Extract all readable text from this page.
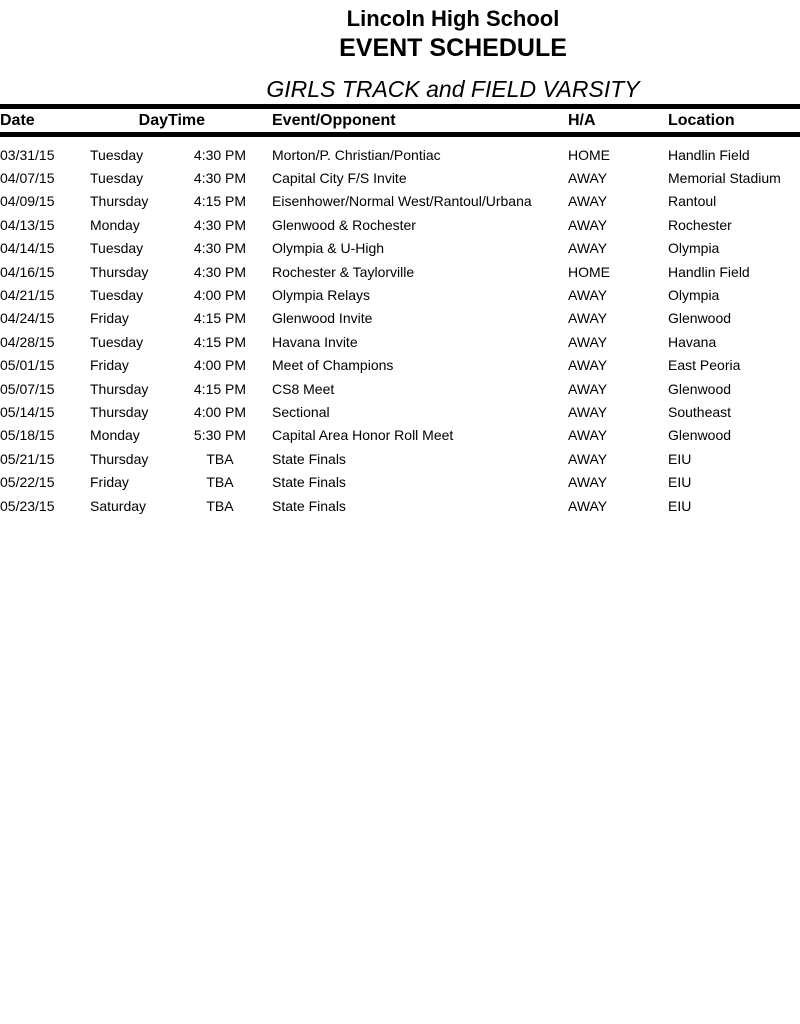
Lincoln High School
EVENT SCHEDULE
GIRLS TRACK and FIELD VARSITY
Date	Day	Time	Event/Opponent	H/A	Location

03/31/15	Tuesday	4:30 PM	Morton/P. Christian/Pontiac	HOME	Handlin Field
04/07/15	Tuesday	4:30 PM	Capital City F/S Invite	AWAY	Memorial Stadium
04/09/15	Thursday	4:15 PM	Eisenhower/Normal West/Rantoul/Urbana	AWAY	Rantoul
04/13/15	Monday	4:30 PM	Glenwood & Rochester	AWAY	Rochester
04/14/15	Tuesday	4:30 PM	Olympia & U-High	AWAY	Olympia
04/16/15	Thursday	4:30 PM	Rochester & Taylorville	HOME	Handlin Field
04/21/15	Tuesday	4:00 PM	Olympia Relays	AWAY	Olympia
04/24/15	Friday	4:15 PM	Glenwood Invite	AWAY	Glenwood
04/28/15	Tuesday	4:15 PM	Havana Invite	AWAY	Havana
05/01/15	Friday	4:00 PM	Meet of Champions	AWAY	East Peoria
05/07/15	Thursday	4:15 PM	CS8 Meet	AWAY	Glenwood
05/14/15	Thursday	4:00 PM	Sectional	AWAY	Southeast
05/18/15	Monday	5:30 PM	Capital Area Honor Roll Meet	AWAY	Glenwood
05/21/15	Thursday	TBA	State Finals	AWAY	EIU
05/22/15	Friday	TBA	State Finals	AWAY	EIU
05/23/15	Saturday	TBA	State Finals	AWAY	EIU
